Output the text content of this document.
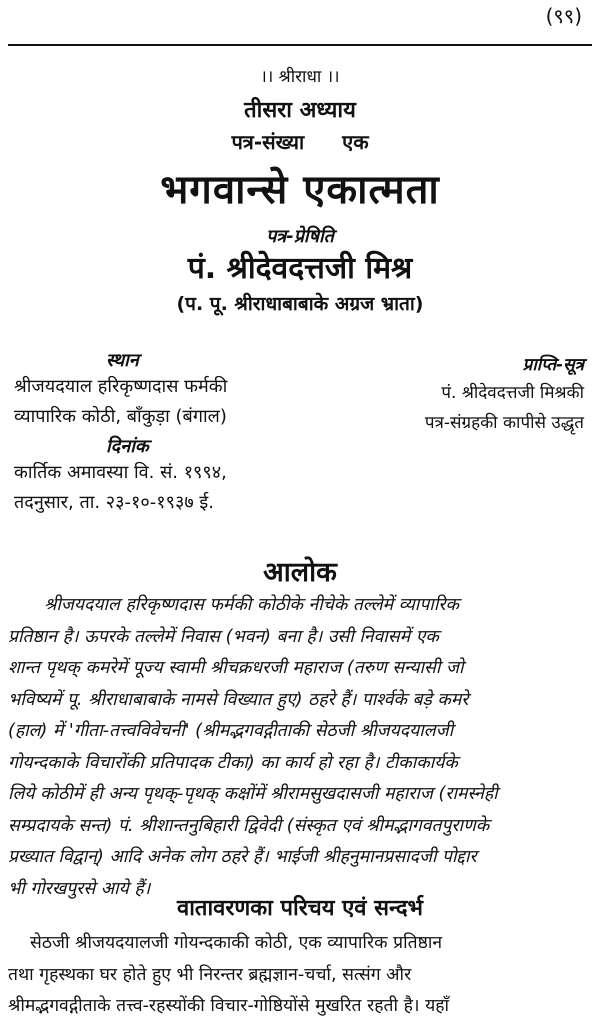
(९९)
।। श्रीराधा ।।
तीसरा अध्याय
पत्र-संख्या एक
भगवान्से एकात्मता
पत्र-प्रेषिति
पं. श्रीदेवदत्तजी मिश्र
(प. पू. श्रीराधाबाबाके अग्रज भ्राता)
स्थान
श्रीजयदयाल हरिकृष्णदास फर्मकी
व्यापारिक कोठी, बाँकुड़ा (बंगाल)
दिनांक
कार्तिक अमावस्या वि. सं. १९९४,
तदनुसार, ता. २३-१०-१९३७ ई.
प्राप्ति-सूत्र
पं. श्रीदेवदत्तजी मिश्रकी
पत्र-संग्रहकी कापीसे उद्धृत
आलोक
श्रीजयदयाल हरिकृष्णदास फर्मकी कोठीके नीचेके तल्लेमें व्यापारिक
प्रतिष्ठान है। ऊपरके तल्लेमें निवास (भवन) बना है। उसी निवासमें एक
शान्त पृथक् कमरेमें पूज्य स्वामी श्रीचक्रधरजी महाराज (तरुण सन्यासी जो
भविष्यमें पू. श्रीराधाबाबाके नामसे विख्यात हुए) ठहरे हैं। पार्श्वके बड़े कमरे
(हाल) में 'गीता-तत्त्वविवेचनी' (श्रीमद्भगवद्गीताकी सेठजी श्रीजयदयालजी
गोयन्दकाके विचारोंकी प्रतिपादक टीका) का कार्य हो रहा है। टीकाकार्यके
लिये कोठीमें ही अन्य पृथक्-पृथक् कक्षोंमें श्रीरामसुखदासजी महाराज (रामस्नेही
सम्प्रदायके सन्त) पं. श्रीशान्तनुबिहारी द्विवेदी (संस्कृत एवं श्रीमद्भागवतपुराणके
प्रख्यात विद्वान्) आदि अनेक लोग ठहरे हैं। भाईजी श्रीहनुमानप्रसादजी पोद्दार
भी गोरखपुरसे आये हैं।
वातावरणका परिचय एवं सन्दर्भ
सेठजी श्रीजयदयालजी गोयन्दकाकी कोठी, एक व्यापारिक प्रतिष्ठान
तथा गृहस्थका घर होते हुए भी निरन्तर ब्रह्मज्ञान-चर्चा, सत्संग और
श्रीमद्भगवद्गीताके तत्त्व-रहस्योंकी विचार-गोष्ठियोंसे मुखरित रहती है। यहाँ
